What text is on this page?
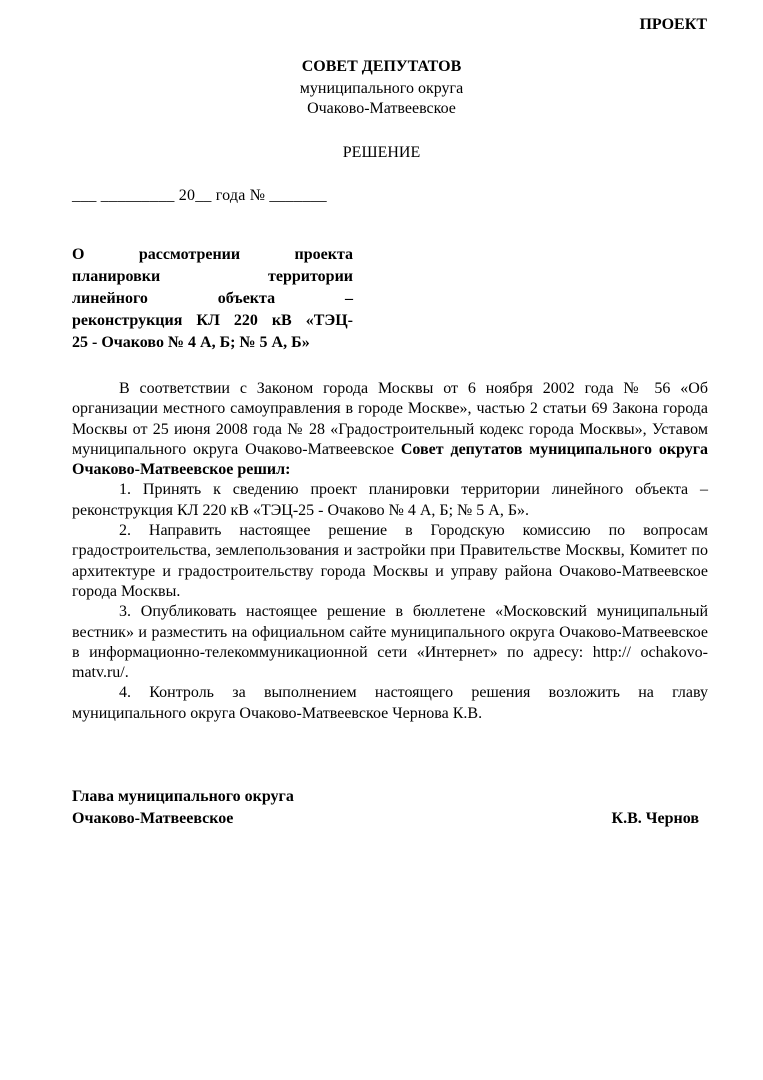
ПРОЕКТ
СОВЕТ ДЕПУТАТОВ
муниципального округа
Очаково-Матвеевское
РЕШЕНИЕ
___ _________ 20__ года № _______
О рассмотрении проекта
планировки территории
линейного объекта –
реконструкция КЛ 220 кВ «ТЭЦ-
25 - Очаково № 4 А, Б; № 5 А, Б»

В соответствии с Законом города Москвы от 6 ноября 2002 года № 56 «Об организации местного самоуправления в городе Москве», частью 2 статьи 69 Закона города Москвы от 25 июня 2008 года № 28 «Градостроительный кодекс города Москвы», Уставом муниципального округа Очаково-Матвеевское Совет депутатов муниципального округа Очаково-Матвеевское решил:

1. Принять к сведению проект планировки территории линейного объекта – реконструкция КЛ 220 кВ «ТЭЦ-25 - Очаково № 4 А, Б; № 5 А, Б».

2. Направить настоящее решение в Городскую комиссию по вопросам градостроительства, землепользования и застройки при Правительстве Москвы, Комитет по архитектуре и градостроительству города Москвы и управу района Очаково-Матвеевское города Москвы.

3. Опубликовать настоящее решение в бюллетене «Московский муниципальный вестник» и разместить на официальном сайте муниципального округа Очаково-Матвеевское в информационно-телекоммуникационной сети «Интернет» по адресу: http:// ochakovo-matv.ru/.

4. Контроль за выполнением настоящего решения возложить на главу муниципального округа Очаково-Матвеевское Чернова К.В.

Глава муниципального округа
Очаково-Матвеевское	К.В. Чернов
